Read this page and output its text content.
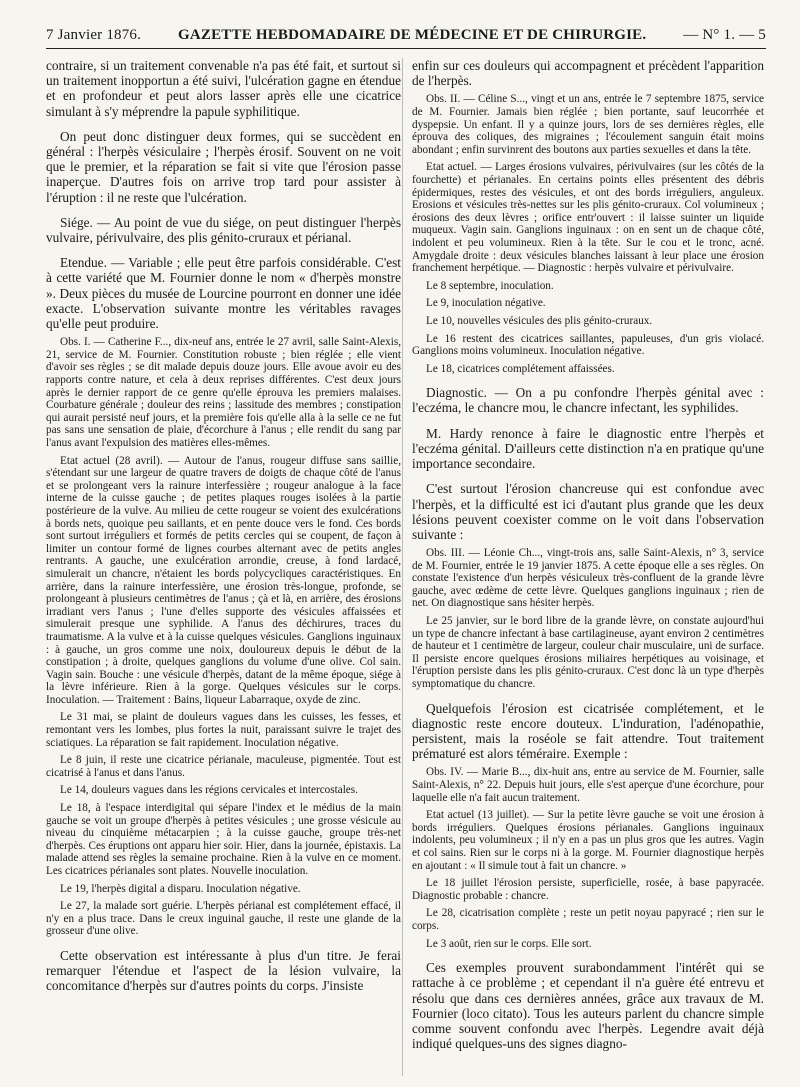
7 Janvier 1876. GAZETTE HEBDOMADAIRE DE MÉDECINE ET DE CHIRURGIE. — N° 1. — 5

contraire, si un traitement convenable n'a pas été fait, et surtout si un traitement inopportun a été suivi, l'ulcération gagne en étendue et en profondeur et peut alors lasser après elle une cicatrice simulant à s'y méprendre la papule syphilitique.

On peut donc distinguer deux formes, qui se succèdent en général : l'herpès vésiculaire ; l'herpès érosif. Souvent on ne voit que le premier, et la réparation se fait si vite que l'érosion passe inaperçue. D'autres fois on arrive trop tard pour assister à l'éruption : il ne reste que l'ulcération.

Siége. — Au point de vue du siége, on peut distinguer l'herpès vulvaire, périvulvaire, des plis génito-cruraux et périanal.

Etendue. — Variable ; elle peut être parfois considérable. C'est à cette variété que M. Fournier donne le nom « d'herpès monstre ». Deux pièces du musée de Lourcine pourront en donner une idée exacte. L'observation suivante montre les véritables ravages qu'elle peut produire.

Obs. I. — Catherine F..., dix-neuf ans, entrée le 27 avril, salle Saint-Alexis, 21, service de M. Fournier. Constitution robuste ; bien réglée ; elle vient d'avoir ses règles ; se dit malade depuis douze jours. Elle avoue avoir eu des rapports contre nature, et cela à deux reprises différentes. C'est deux jours après le dernier rapport de ce genre qu'elle éprouva les premiers malaises. Courbature générale ; douleur des reins ; lassitude des membres ; constipation qui aurait persisté neuf jours, et la première fois qu'elle alla à la selle ce ne fut pas sans une sensation de plaie, d'écorchure à l'anus ; elle rendit du sang par l'anus avant l'expulsion des matières elles-mêmes.

Etat actuel (28 avril). — Autour de l'anus, rougeur diffuse sans saillie, s'étendant sur une largeur de quatre travers de doigts de chaque côté de l'anus et se prolongeant vers la rainure interfessière ; rougeur analogue à la face interne de la cuisse gauche ; de petites plaques rouges isolées à la partie postérieure de la vulve. Au milieu de cette rougeur se voient des exulcérations à bords nets, quoique peu saillants, et en pente douce vers le fond. Ces bords sont surtout irréguliers et formés de petits cercles qui se coupent, de façon à limiter un contour formé de lignes courbes alternant avec de petits angles rentrants. A gauche, une exulcération arrondie, creuse, à fond lardacé, simulerait un chancre, n'étaient les bords polycycliques caractéristiques. En arrière, dans la rainure interfessière, une érosion très-longue, profonde, se prolongeant à plusieurs centimètres de l'anus ; çà et là, en arrière, des érosions irradiant vers l'anus ; l'une d'elles supporte des vésicules affaissées et simulerait presque une syphilide. A l'anus des déchirures, traces du traumatisme. A la vulve et à la cuisse quelques vésicules. Ganglions inguinaux : à gauche, un gros comme une noix, douloureux depuis le début de la constipation ; à droite, quelques ganglions du volume d'une olive. Col sain. Vagin sain. Bouche : une vésicule d'herpès, datant de la même époque, siége à la lèvre inférieure. Rien à la gorge. Quelques vésicules sur le corps. Inoculation. — Traitement : Bains, liqueur Labarraque, oxyde de zinc.

Le 31 mai, se plaint de douleurs vagues dans les cuisses, les fesses, et remontant vers les lombes, plus fortes la nuit, paraissant suivre le trajet des sciatiques. La réparation se fait rapidement. Inoculation négative.

Le 8 juin, il reste une cicatrice périanale, maculeuse, pigmentée. Tout est cicatrisé à l'anus et dans l'anus.

Le 14, douleurs vagues dans les régions cervicales et intercostales.

Le 18, à l'espace interdigital qui sépare l'index et le médius de la main gauche se voit un groupe d'herpès à petites vésicules ; une grosse vésicule au niveau du cinquième métacarpien ; à la cuisse gauche, groupe très-net d'herpès. Ces éruptions ont apparu hier soir. Hier, dans la journée, épistaxis. La malade attend ses règles la semaine prochaine. Rien à la vulve en ce moment. Les cicatrices périanales sont plates. Nouvelle inoculation.

Le 19, l'herpès digital a disparu. Inoculation négative.

Le 27, la malade sort guérie. L'herpès périanal est complétement effacé, il n'y en a plus trace. Dans le creux inguinal gauche, il reste une glande de la grosseur d'une olive.

Cette observation est intéressante à plus d'un titre. Je ferai remarquer l'étendue et l'aspect de la lésion vulvaire, la concomitance d'herpès sur d'autres points du corps. J'insiste

enfin sur ces douleurs qui accompagnent et précèdent l'apparition de l'herpès.

Obs. II. — Céline S..., vingt et un ans, entrée le 7 septembre 1875, service de M. Fournier. Jamais bien réglée ; bien portante, sauf leucorrhée et dyspepsie. Un enfant. Il y a quinze jours, lors de ses dernières règles, elle éprouva des coliques, des migraines ; l'écoulement sanguin était moins abondant ; enfin survinrent des boutons aux parties sexuelles et dans la tête.

Etat actuel. — Larges érosions vulvaires, périvulvaires (sur les côtés de la fourchette) et périanales. En certains points elles présentent des débris épidermiques, restes des vésicules, et ont des bords irréguliers, anguleux. Erosions et vésicules très-nettes sur les plis génito-cruraux. Col volumineux ; érosions des deux lèvres ; orifice entr'ouvert : il laisse suinter un liquide muqueux. Vagin sain. Ganglions inguinaux : on en sent un de chaque côté, indolent et peu volumineux. Rien à la tête. Sur le cou et le tronc, acné. Amygdale droite : deux vésicules blanches laissant à leur place une érosion franchement herpétique. — Diagnostic : herpès vulvaire et périvulvaire.

Le 8 septembre, inoculation.

Le 9, inoculation négative.

Le 10, nouvelles vésicules des plis génito-cruraux.

Le 16 restent des cicatrices saillantes, papuleuses, d'un gris violacé. Ganglions moins volumineux. Inoculation négative.

Le 18, cicatrices complétement affaissées.

Diagnostic. — On a pu confondre l'herpès génital avec : l'eczéma, le chancre mou, le chancre infectant, les syphilides.

M. Hardy renonce à faire le diagnostic entre l'herpès et l'eczéma génital. D'ailleurs cette distinction n'a en pratique qu'une importance secondaire.

C'est surtout l'érosion chancreuse qui est confondue avec l'herpès, et la difficulté est ici d'autant plus grande que les deux lésions peuvent coexister comme on le voit dans l'observation suivante :

Obs. III. — Léonie Ch..., vingt-trois ans, salle Saint-Alexis, n° 3, service de M. Fournier, entrée le 19 janvier 1875. A cette époque elle a ses règles. On constate l'existence d'un herpès vésiculeux très-confluent de la grande lèvre gauche, avec œdème de cette lèvre. Quelques ganglions inguinaux ; rien de net. On diagnostique sans hésiter herpès.

Le 25 janvier, sur le bord libre de la grande lèvre, on constate aujourd'hui un type de chancre infectant à base cartilagineuse, ayant environ 2 centimètres de hauteur et 1 centimètre de largeur, couleur chair musculaire, uni de surface. Il persiste encore quelques érosions miliaires herpétiques au voisinage, et l'éruption persiste dans les plis génito-cruraux. C'est donc là un type d'herpès symptomatique du chancre.

Quelquefois l'érosion est cicatrisée complétement, et le diagnostic reste encore douteux. L'induration, l'adénopathie, persistent, mais la roséole se fait attendre. Tout traitement prématuré est alors téméraire. Exemple :

Obs. IV. — Marie B..., dix-huit ans, entre au service de M. Fournier, salle Saint-Alexis, n° 22. Depuis huit jours, elle s'est aperçue d'une écorchure, pour laquelle elle n'a fait aucun traitement.

Etat actuel (13 juillet). — Sur la petite lèvre gauche se voit une érosion à bords irréguliers. Quelques érosions périanales. Ganglions inguinaux indolents, peu volumineux ; il n'y en a pas un plus gros que les autres. Vagin et col sains. Rien sur le corps ni à la gorge. M. Fournier diagnostique herpès en ajoutant : « Il simule tout à fait un chancre. »

Le 18 juillet l'érosion persiste, superficielle, rosée, à base papyracée. Diagnostic probable : chancre.

Le 28, cicatrisation complète ; reste un petit noyau papyracé ; rien sur le corps.

Le 3 août, rien sur le corps. Elle sort.

Ces exemples prouvent surabondamment l'intérêt qui se rattache à ce problème ; et cependant il n'a guère été entrevu et résolu que dans ces dernières années, grâce aux travaux de M. Fournier (loco citato). Tous les auteurs parlent du chancre simple comme souvent confondu avec l'herpès. Legendre avait déjà indiqué quelques-uns des signes diagno-
